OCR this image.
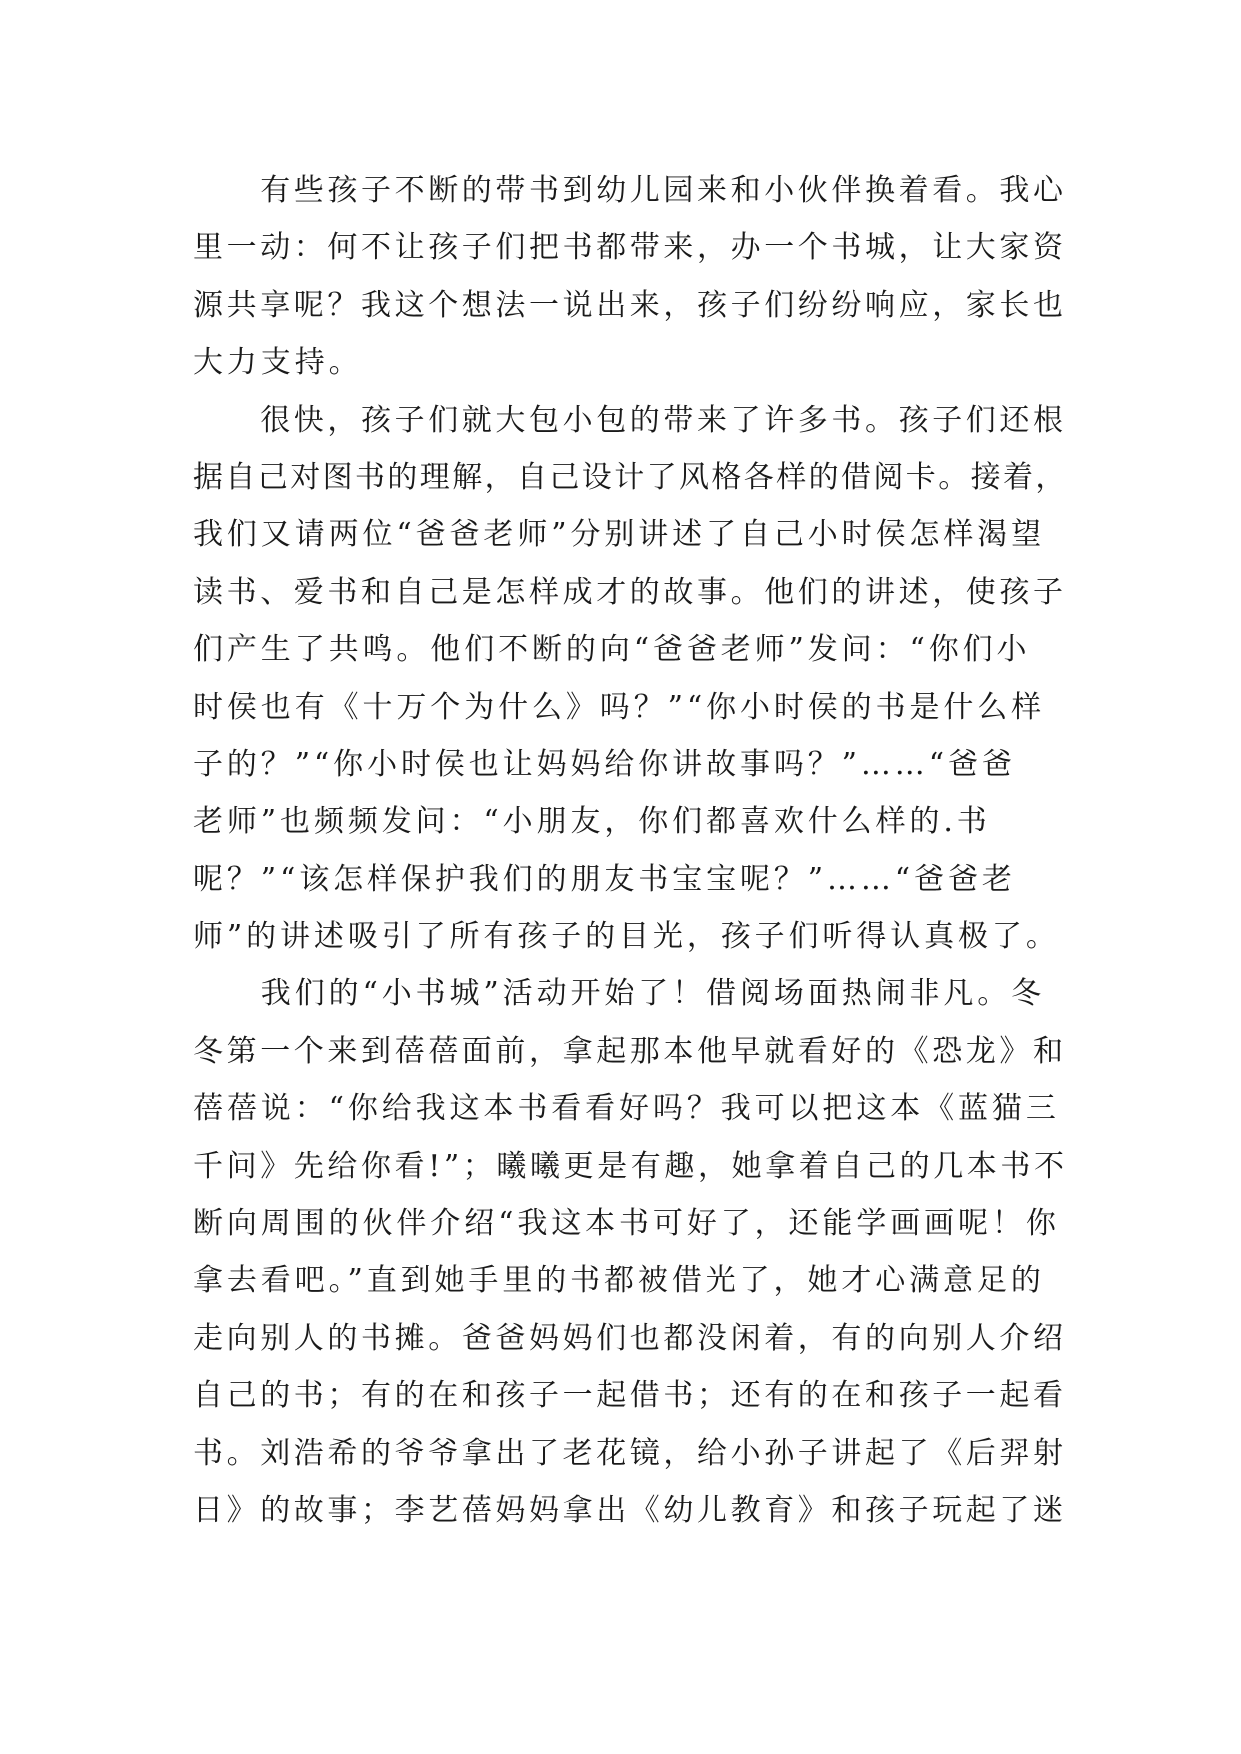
　　有些孩子不断的带书到幼儿园来和小伙伴换着看。我心
里一动：何不让孩子们把书都带来，办一个书城，让大家资
源共享呢？我这个想法一说出来，孩子们纷纷响应，家长也
大力支持。
　　很快，孩子们就大包小包的带来了许多书。孩子们还根
据自己对图书的理解，自己设计了风格各样的借阅卡。接着，
我们又请两位“爸爸老师”分别讲述了自己小时侯怎样渴望
读书、爱书和自己是怎样成才的故事。他们的讲述，使孩子
们产生了共鸣。他们不断的向“爸爸老师”发问：“你们小
时侯也有《十万个为什么》吗？”“你小时侯的书是什么样
子的？”“你小时侯也让妈妈给你讲故事吗？”……“爸爸
老师”也频频发问：“小朋友，你们都喜欢什么样的.书
呢？”“该怎样保护我们的朋友书宝宝呢？”……“爸爸老
师”的讲述吸引了所有孩子的目光，孩子们听得认真极了。
　　我们的“小书城”活动开始了！借阅场面热闹非凡。冬
冬第一个来到蓓蓓面前，拿起那本他早就看好的《恐龙》和
蓓蓓说：“你给我这本书看看好吗？我可以把这本《蓝猫三
千问》先给你看!”；曦曦更是有趣，她拿着自己的几本书不
断向周围的伙伴介绍“我这本书可好了，还能学画画呢！你
拿去看吧。”直到她手里的书都被借光了，她才心满意足的
走向别人的书摊。爸爸妈妈们也都没闲着，有的向别人介绍
自己的书；有的在和孩子一起借书；还有的在和孩子一起看
书。刘浩希的爷爷拿出了老花镜，给小孙子讲起了《后羿射
日》的故事；李艺蓓妈妈拿出《幼儿教育》和孩子玩起了迷
